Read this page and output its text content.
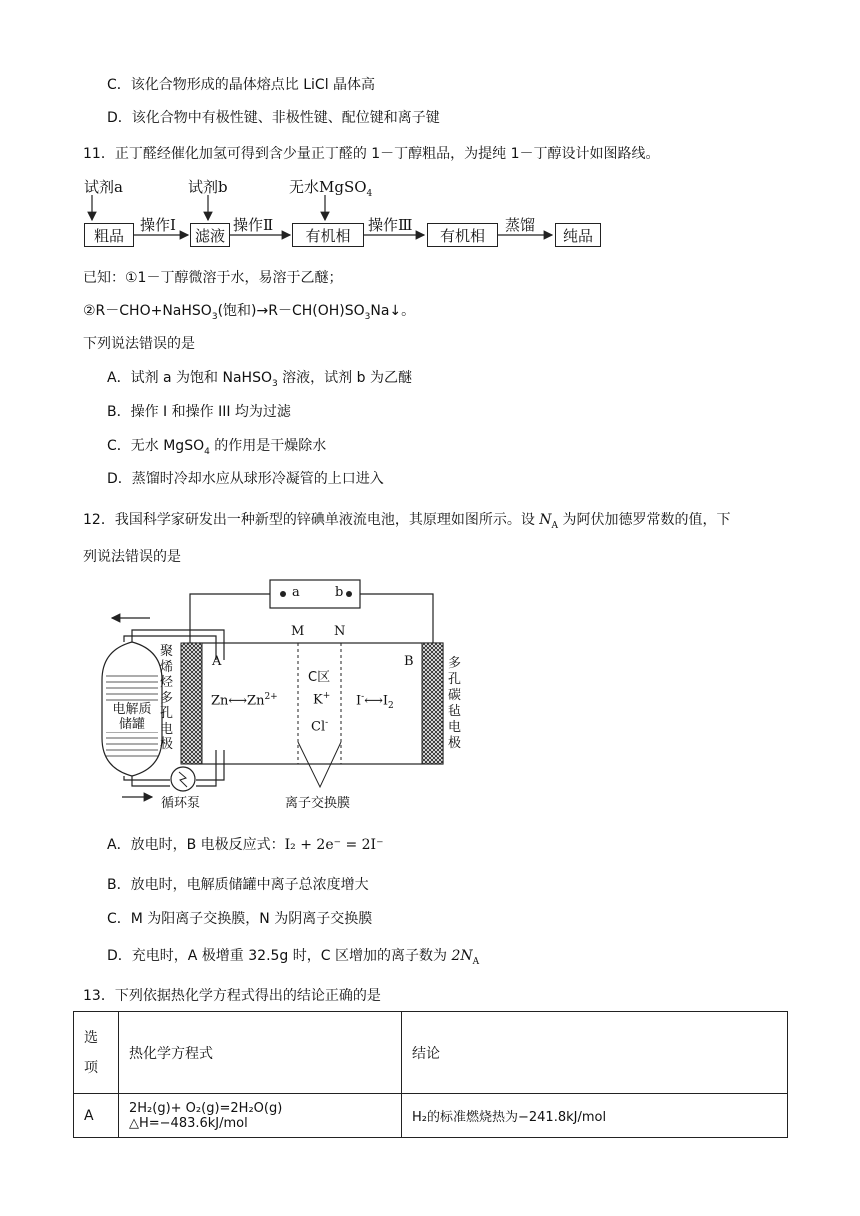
C．该化合物形成的晶体熔点比 LiCl 晶体高
D．该化合物中有极性键、非极性键、配位键和离子键
11．正丁醛经催化加氢可得到含少量正丁醛的 1－丁醇粗品，为提纯 1－丁醇设计如图路线。
试剂a	试剂b	无水MgSO$_4$
粗品	滤液	有机相	有机相	纯品
操作Ⅰ	操作Ⅱ	操作Ⅲ	蒸馏
已知：①1－丁醇微溶于水，易溶于乙醚；
②R－CHO+NaHSO$_3$(饱和)$\to R-CH(OH)SO_3Na↓$。
下列说法错误的是
A．试剂 a 为饱和 NaHSO$_3$ 溶液，试剂 b 为乙醚
B．操作 I 和操作 III 均为过滤
C．无水 MgSO$_4$ 的作用是干燥除水
D．蒸馏时冷却水应从球形冷凝管的上口进入
12．我国科学家研发出一种新型的锌碘单液流电池，其原理如图所示。设 $N_A$ 为阿伏加德罗常数的值，下
列说法错误的是
a	b
M N
A	B
聚
烯
烃
多
孔
电
极
多
孔
碳
毡
电
极
电解质
储罐
$Zn⟷Zn^{2+}$
C区
K+
Cl-
$I^-⟷I_2$
循环泵	离子交换膜
A．放电时，B 电极反应式：I₂ + 2e⁻ = 2I⁻
B．放电时，电解质储罐中离子总浓度增大
C．M 为阳离子交换膜，N 为阴离子交换膜
D．充电时，A 极增重 32.5g 时，C 区增加的离子数为 $2N_A$
13．下列依据热化学方程式得出的结论正确的是
选
项	热化学方程式	结论
A	2H₂(g)+ O₂(g)=2H₂O(g) △H=−483.6kJ/mol	H₂的标准燃烧热为−241.8kJ/mol
